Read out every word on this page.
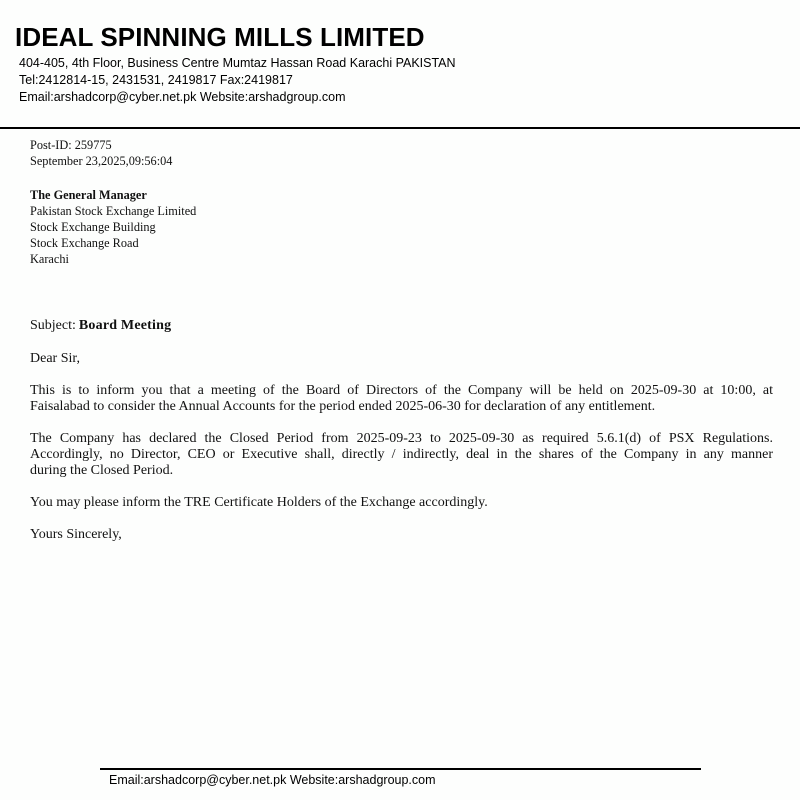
IDEAL SPINNING MILLS LIMITED
404-405, 4th Floor, Business Centre Mumtaz Hassan Road Karachi PAKISTAN
Tel:2412814-15, 2431531, 2419817 Fax:2419817
Email:arshadcorp@cyber.net.pk Website:arshadgroup.com
Post-ID: 259775
September 23,2025,09:56:04
The General Manager
Pakistan Stock Exchange Limited
Stock Exchange Building
Stock Exchange Road
Karachi
Subject: Board Meeting
Dear Sir,
This is to inform you that a meeting of the Board of Directors of the Company will be held on 2025-09-30 at 10:00, at
Faisalabad to consider the Annual Accounts for the period ended 2025-06-30 for declaration of any entitlement.
The Company has declared the Closed Period from 2025-09-23 to 2025-09-30 as required 5.6.1(d) of PSX Regulations.
Accordingly, no Director, CEO or Executive shall, directly / indirectly, deal in the shares of the Company in any manner
during the Closed Period.
You may please inform the TRE Certificate Holders of the Exchange accordingly.
Yours Sincerely,
Email:arshadcorp@cyber.net.pk Website:arshadgroup.com
